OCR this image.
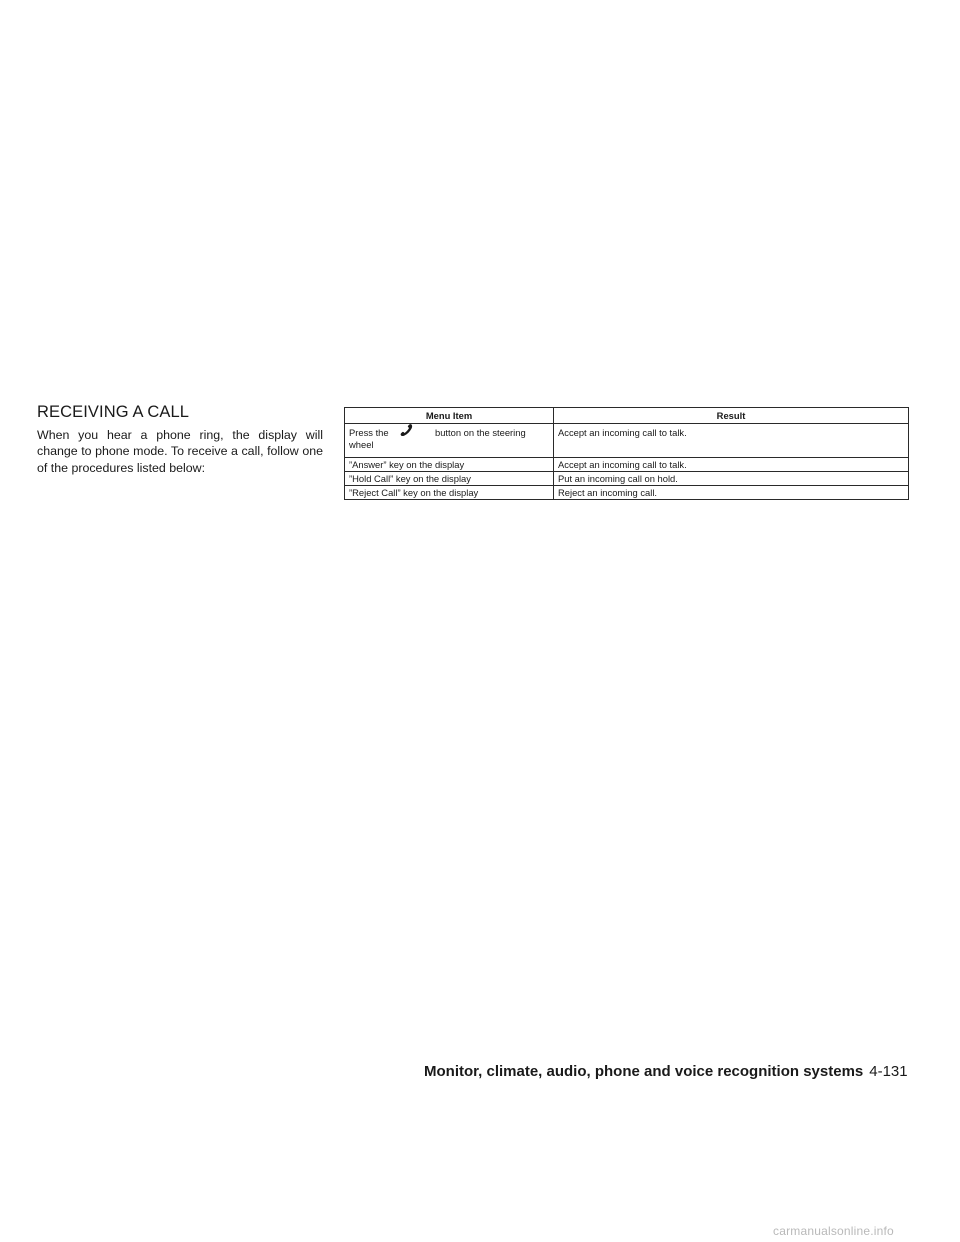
RECEIVING A CALL

When you hear a phone ring, the display will change to phone mode. To receive a call, follow one of the procedures listed below:

Menu Item	Result

Press the button on the steering
wheel	Accept an incoming call to talk.
”Answer” key on the display	Accept an incoming call to talk.
”Hold Call” key on the display	Put an incoming call on hold.
”Reject Call” key on the display	Reject an incoming call.
Monitor, climate, audio, phone and voice recognition systems 4-131
carmanualsonline.info
